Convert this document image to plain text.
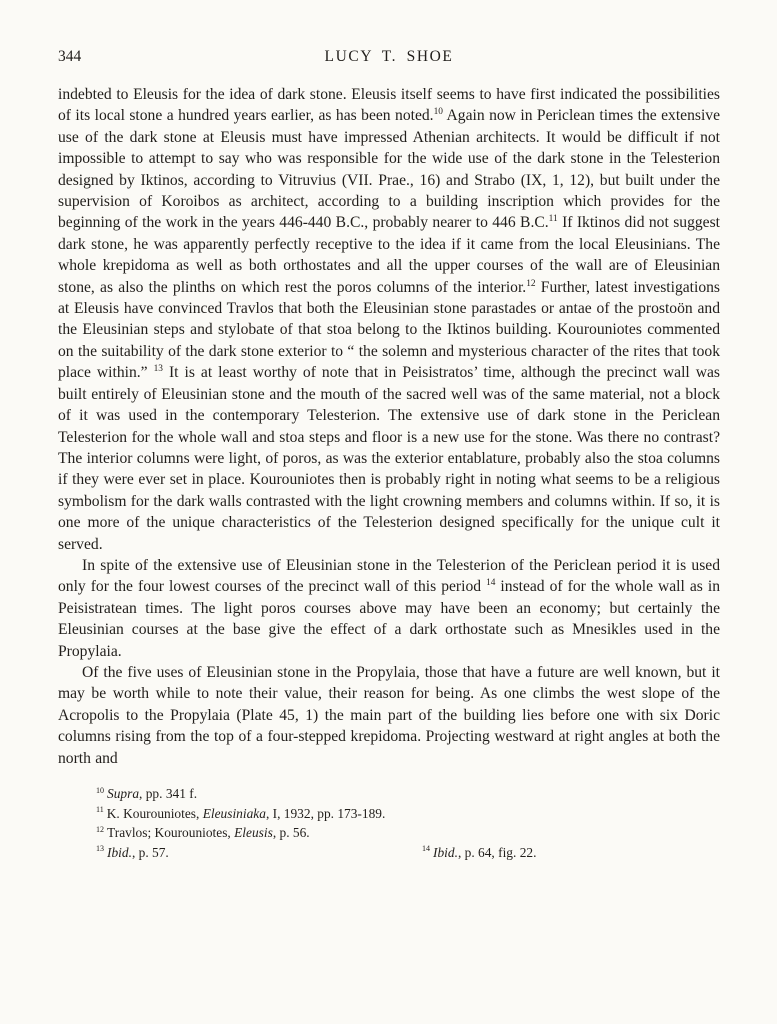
344	LUCY T. SHOE

indebted to Eleusis for the idea of dark stone. Eleusis itself seems to have first indicated the possibilities of its local stone a hundred years earlier, as has been noted.$^{10}$ Again now in Periclean times the extensive use of the dark stone at Eleusis must have impressed Athenian architects. It would be difficult if not impossible to attempt to say who was responsible for the wide use of the dark stone in the Telesterion designed by Iktinos, according to Vitruvius (VII. Prae., 16) and Strabo (IX, 1, 12), but built under the supervision of Koroibos as architect, according to a building inscription which provides for the beginning of the work in the years 446-440 B.C., probably nearer to 446 B.C.$^{11}$ If Iktinos did not suggest dark stone, he was apparently perfectly receptive to the idea if it came from the local Eleusinians. The whole krepidoma as well as both orthostates and all the upper courses of the wall are of Eleusinian stone, as also the plinths on which rest the poros columns of the interior.$^{12}$ Further, latest investigations at Eleusis have convinced Travlos that both the Eleusinian stone parastades or antae of the prostoön and the Eleusinian steps and stylobate of that stoa belong to the Iktinos building. Kourouniotes commented on the suitability of the dark stone exterior to “ the solemn and mysterious character of the rites that took place within.” $^{13}$ It is at least worthy of note that in Peisistratos’ time, although the precinct wall was built entirely of Eleusinian stone and the mouth of the sacred well was of the same material, not a block of it was used in the contemporary Telesterion. The extensive use of dark stone in the Periclean Telesterion for the whole wall and stoa steps and floor is a new use for the stone. Was there no contrast? The interior columns were light, of poros, as was the exterior entablature, probably also the stoa columns if they were ever set in place. Kourouniotes then is probably right in noting what seems to be a religious symbolism for the dark walls contrasted with the light crowning members and columns within. If so, it is one more of the unique characteristics of the Telesterion designed specifically for the unique cult it served.

In spite of the extensive use of Eleusinian stone in the Telesterion of the Periclean period it is used only for the four lowest courses of the precinct wall of this period $^{14}$ instead of for the whole wall as in Peisistratean times. The light poros courses above may have been an economy; but certainly the Eleusinian courses at the base give the effect of a dark orthostate such as Mnesikles used in the Propylaia.

Of the five uses of Eleusinian stone in the Propylaia, those that have a future are well known, but it may be worth while to note their value, their reason for being. As one climbs the west slope of the Acropolis to the Propylaia (Plate 45, 1) the main part of the building lies before one with six Doric columns rising from the top of a four-stepped krepidoma. Projecting westward at right angles at both the north and

$^{10}$ Supra, pp. 341 f.

$^{11}$ K. Kourouniotes, Eleusiniaka, I, 1932, pp. 173-189.

$^{12}$ Travlos; Kourouniotes, Eleusis, p. 56.

$^{13}$ Ibid., p. 57.	$^{14}$ Ibid., p. 64, fig. 22.
